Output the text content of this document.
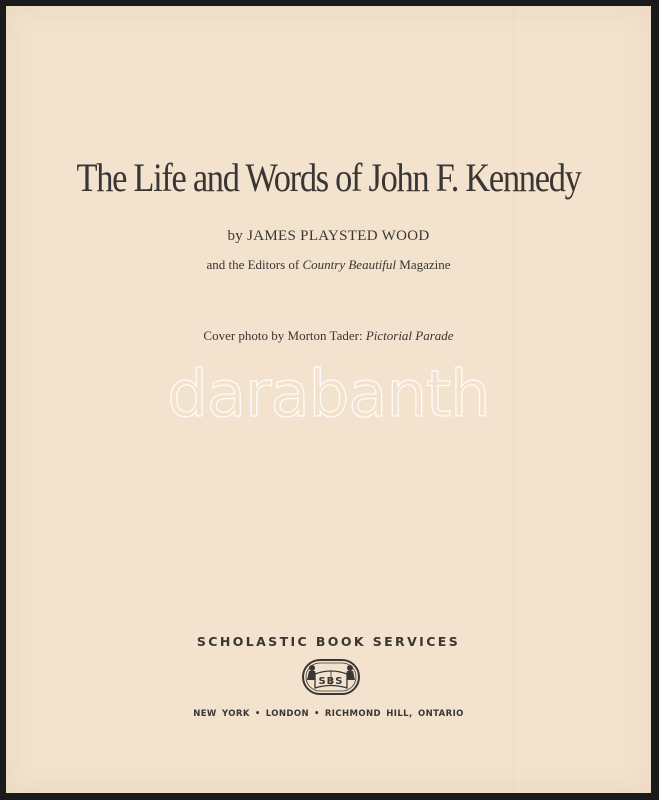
The Life and Words of John F. Kennedy
by JAMES PLAYSTED WOOD
and the Editors of Country Beautiful Magazine
Cover photo by Morton Tader: Pictorial Parade
darabanth
SCHOLASTIC BOOK SERVICES
SBS
NEW YORK • LONDON • RICHMOND HILL, ONTARIO
